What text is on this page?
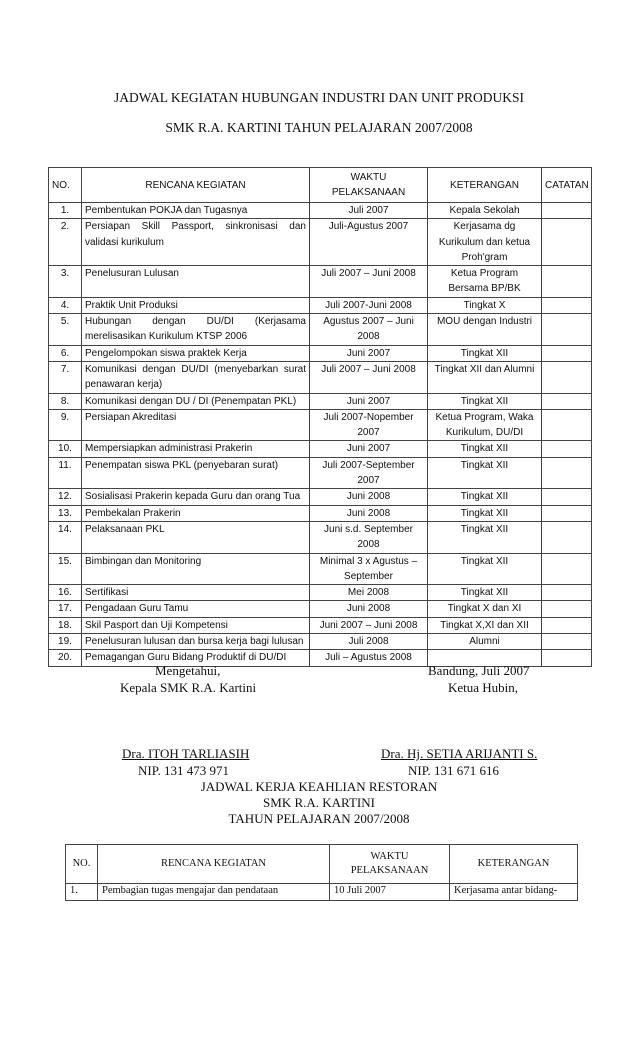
JADWAL KEGIATAN HUBUNGAN INDUSTRI DAN UNIT PRODUKSI
SMK R.A. KARTINI TAHUN PELAJARAN 2007/2008
NO.	RENCANA KEGIATAN	WAKTU PELAKSANAAN	KETERANGAN	CATATAN
1.	Pembentukan POKJA dan Tugasnya	Juli 2007	Kepala Sekolah	
2.	Persiapan Skill Passport, sinkronisasi dan validasi kurikulum	Juli-Agustus 2007	Kerjasama dg Kurikulum dan ketua Proh'gram	
3.	Penelusuran Lulusan	Juli 2007 – Juni 2008	Ketua Program Bersama BP/BK	
4.	Praktik Unit Produksi	Juli 2007-Juni 2008	Tingkat X	
5.	Hubungan dengan DU/DI (Kerjasama merelisasikan Kurikulum KTSP 2006	Agustus 2007 – Juni 2008	MOU dengan Industri	
6.	Pengelompokan siswa praktek Kerja	Juni 2007	Tingkat XII	
7.	Komunikasi dengan DU/DI (menyebarkan surat penawaran kerja)	Juli 2007 – Juni 2008	Tingkat XII dan Alumni	
8.	Komunikasi dengan DU / DI (Penempatan PKL)	Juni 2007	Tingkat XII	
9.	Persiapan Akreditasi	Juli 2007-Nopember 2007	Ketua Program, Waka Kurikulum, DU/DI	
10.	Mempersiapkan administrasi Prakerin	Juni 2007	Tingkat XII	
11.	Penempatan siswa PKL (penyebaran surat)	Juli 2007-September 2007	Tingkat XII	
12.	Sosialisasi Prakerin kepada Guru dan orang Tua	Juni 2008	Tingkat XII	
13.	Pembekalan Prakerin	Juni 2008	Tingkat XII	
14.	Pelaksanaan PKL	Juni s.d. September 2008	Tingkat XII	
15.	Bimbingan dan Monitoring	Minimal 3 x Agustus – September	Tingkat XII	
16.	Sertifikasi	Mei 2008	Tingkat XII	
17.	Pengadaan Guru Tamu	Juni 2008	Tingkat X dan XI	
18.	Skil Pasport dan Uji Kompetensi	Juni 2007 – Juni 2008	Tingkat X,XI dan XII	
19.	Penelusuran lulusan dan bursa kerja bagi lulusan	Juli 2008	Alumni	
20.	Pemagangan Guru Bidang Produktif di DU/DI	Juli – Agustus 2008		
Mengetahui,
Kepala SMK R.A. Kartini
Bandung, Juli 2007
Ketua Hubin,
Dra. ITOH TARLIASIH
NIP. 131 473 971
Dra. Hj. SETIA ARIJANTI S.
NIP. 131 671 616
JADWAL KERJA KEAHLIAN RESTORAN
SMK R.A. KARTINI
TAHUN PELAJARAN 2007/2008
NO.	RENCANA KEGIATAN	WAKTU PELAKSANAAN	KETERANGAN
1.	Pembagian tugas mengajar dan pendataan	10 Juli 2007	Kerjasama antar bidang-
